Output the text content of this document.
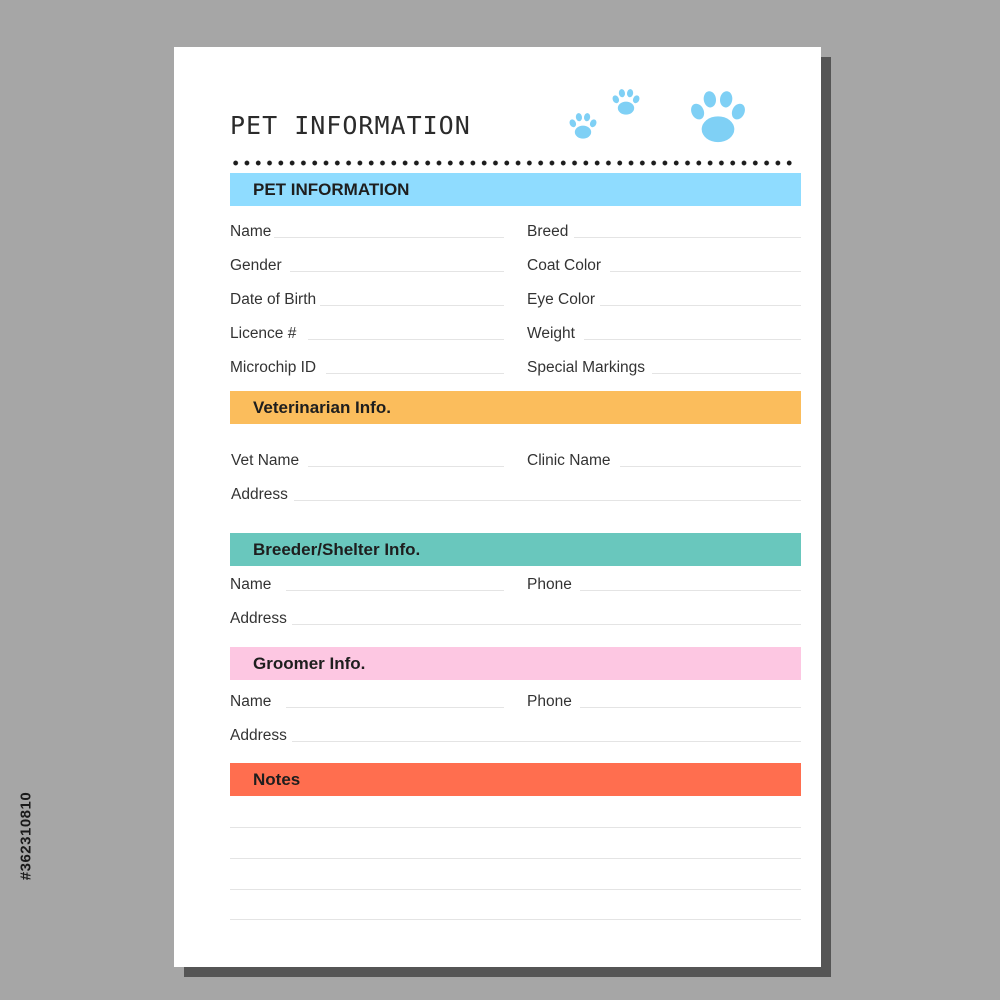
PET INFORMATION
PET INFORMATION
Name	Breed
Gender	Coat Color
Date of Birth	Eye Color
Licence #	Weight
Microchip ID	Special Markings
Veterinarian Info.
Vet Name	Clinic Name
Address
Breeder/Shelter Info.
Name	Phone
Address
Groomer Info.
Name	Phone
Address
Notes
#362310810
